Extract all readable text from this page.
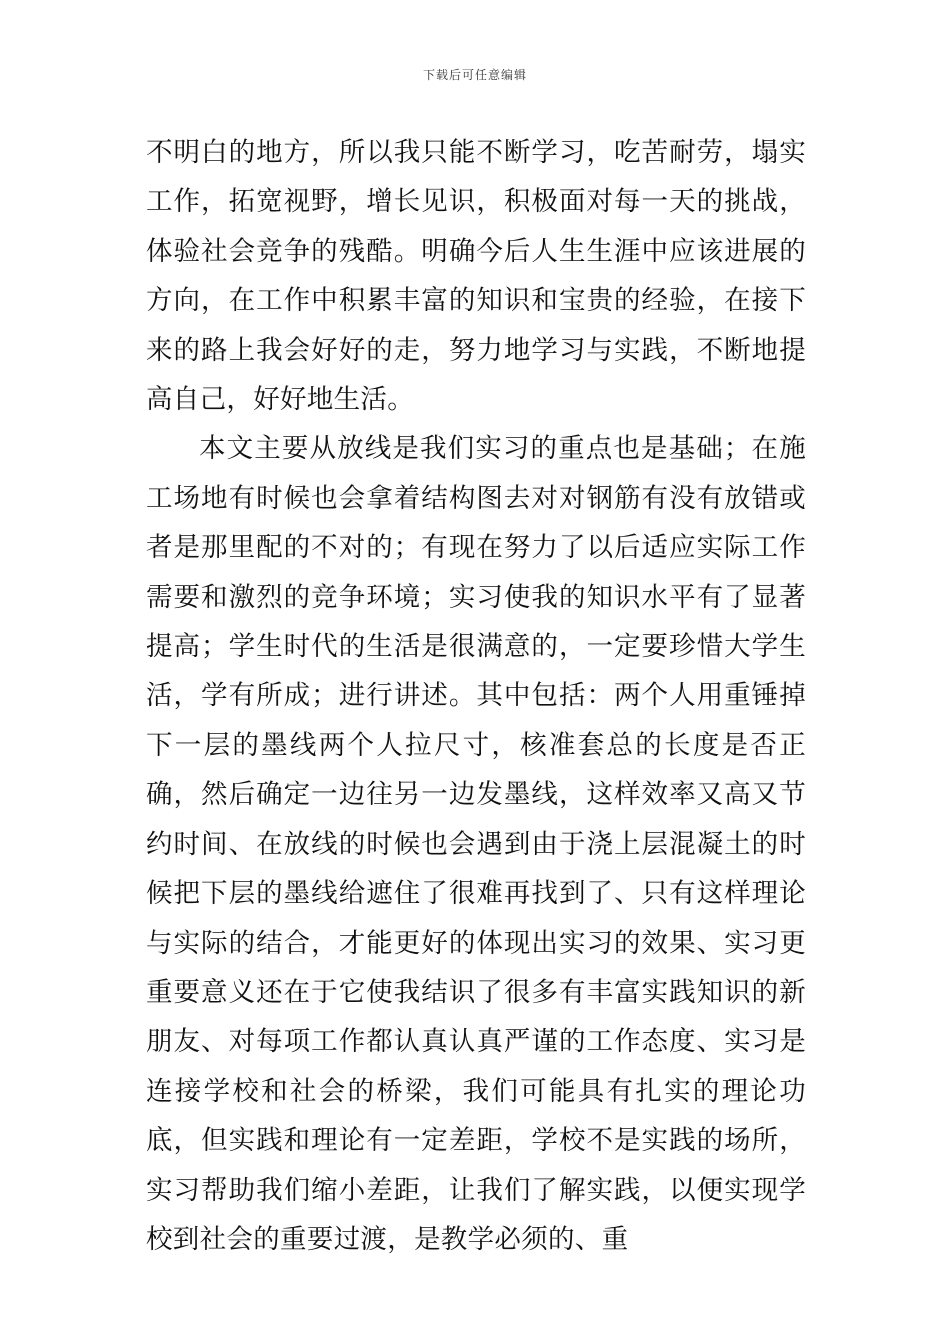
下载后可任意编辑

不明白的地方，所以我只能不断学习，吃苦耐劳，塌实工作，拓宽视野，增长见识，积极面对每一天的挑战，体验社会竞争的残酷。明确今后人生生涯中应该进展的方向，在工作中积累丰富的知识和宝贵的经验，在接下来的路上我会好好的走，努力地学习与实践，不断地提高自己，好好地生活。

本文主要从放线是我们实习的重点也是基础；在施工场地有时候也会拿着结构图去对对钢筋有没有放错或者是那里配的不对的；有现在努力了以后适应实际工作需要和激烈的竞争环境；实习使我的知识水平有了显著提高；学生时代的生活是很满意的，一定要珍惜大学生活，学有所成；进行讲述。其中包括：两个人用重锤掉下一层的墨线两个人拉尺寸，核准套总的长度是否正确，然后确定一边往另一边发墨线，这样效率又高又节约时间、在放线的时候也会遇到由于浇上层混凝土的时候把下层的墨线给遮住了很难再找到了、只有这样理论与实际的结合，才能更好的体现出实习的效果、实习更重要意义还在于它使我结识了很多有丰富实践知识的新朋友、对每项工作都认真认真严谨的工作态度、实习是连接学校和社会的桥梁，我们可能具有扎实的理论功底，但实践和理论有一定差距，学校不是实践的场所，实习帮助我们缩小差距，让我们了解实践，以便实现学校到社会的重要过渡，是教学必须的、重
